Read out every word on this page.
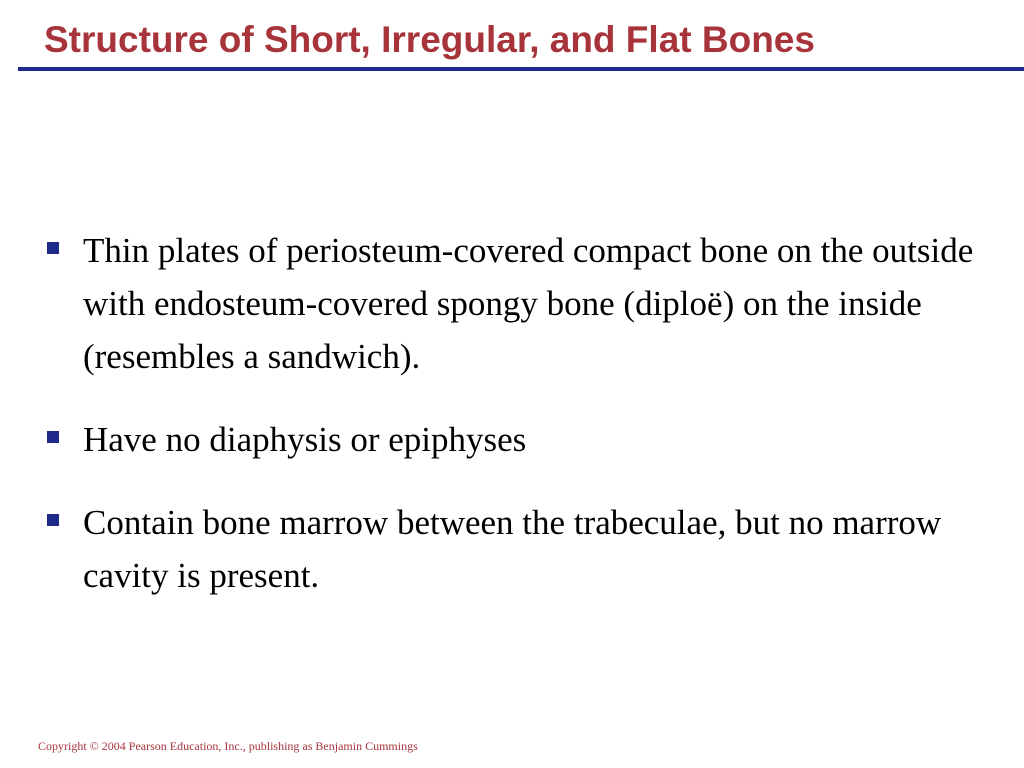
Structure of Short, Irregular, and Flat Bones
Thin plates of periosteum-covered compact bone on the outside with endosteum-covered spongy bone (diploë) on the inside (resembles a sandwich).
Have no diaphysis or epiphyses
Contain bone marrow between the trabeculae, but no marrow cavity is present.
Copyright © 2004 Pearson Education, Inc., publishing as Benjamin Cummings
